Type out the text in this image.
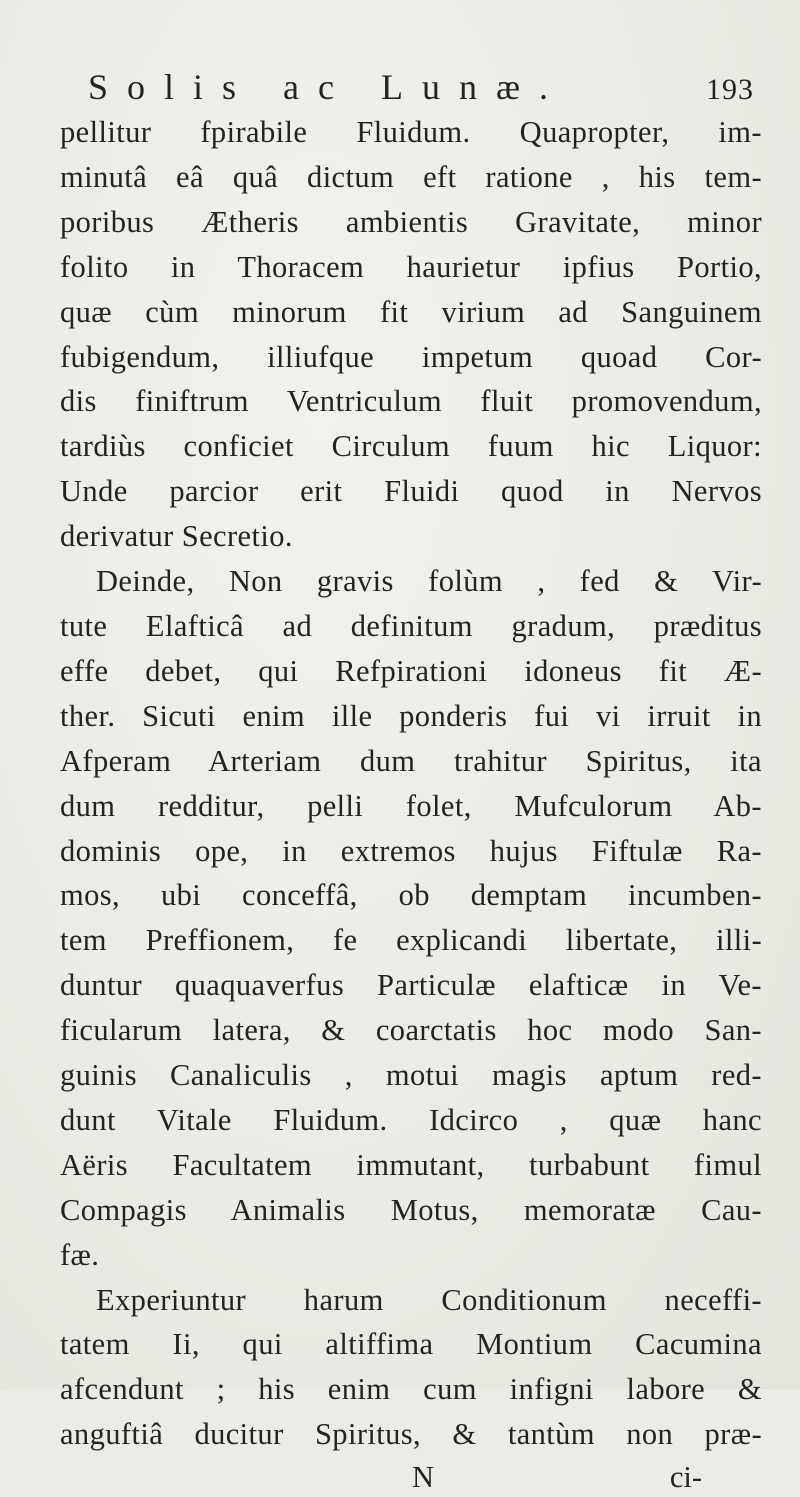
Solis ac Lunæ.	193
pellitur fpirabile Fluidum. Quapropter, im-
minutâ eâ quâ dictum eft ratione , his tem-
poribus Ætheris ambientis Gravitate, minor
folito in Thoracem haurietur ipfius Portio,
quæ cùm minorum fit virium ad Sanguinem
fubigendum, illiufque impetum quoad Cor-
dis finiftrum Ventriculum fluit promovendum,
tardiùs conficiet Circulum fuum hic Liquor:
Unde parcior erit Fluidi quod in Nervos
derivatur Secretio.
Deinde, Non gravis folùm , fed & Vir-
tute Elafticâ ad definitum gradum, præditus
effe debet, qui Refpirationi idoneus fit Æ-
ther. Sicuti enim ille ponderis fui vi irruit in
Afperam Arteriam dum trahitur Spiritus, ita
dum redditur, pelli folet, Mufculorum Ab-
dominis ope, in extremos hujus Fiftulæ Ra-
mos, ubi conceffâ, ob demptam incumben-
tem Preffionem, fe explicandi libertate, illi-
duntur quaquaverfus Particulæ elafticæ in Ve-
ficularum latera, & coarctatis hoc modo San-
guinis Canaliculis , motui magis aptum red-
dunt Vitale Fluidum. Idcirco , quæ hanc
Aëris Facultatem immutant, turbabunt fimul
Compagis Animalis Motus, memoratæ Cau-
fæ.
Experiuntur harum Conditionum neceffi-
tatem Ii, qui altiffima Montium Cacumina
afcendunt ; his enim cum infigni labore &
anguftiâ ducitur Spiritus, & tantùm non præ-
N	ci-
